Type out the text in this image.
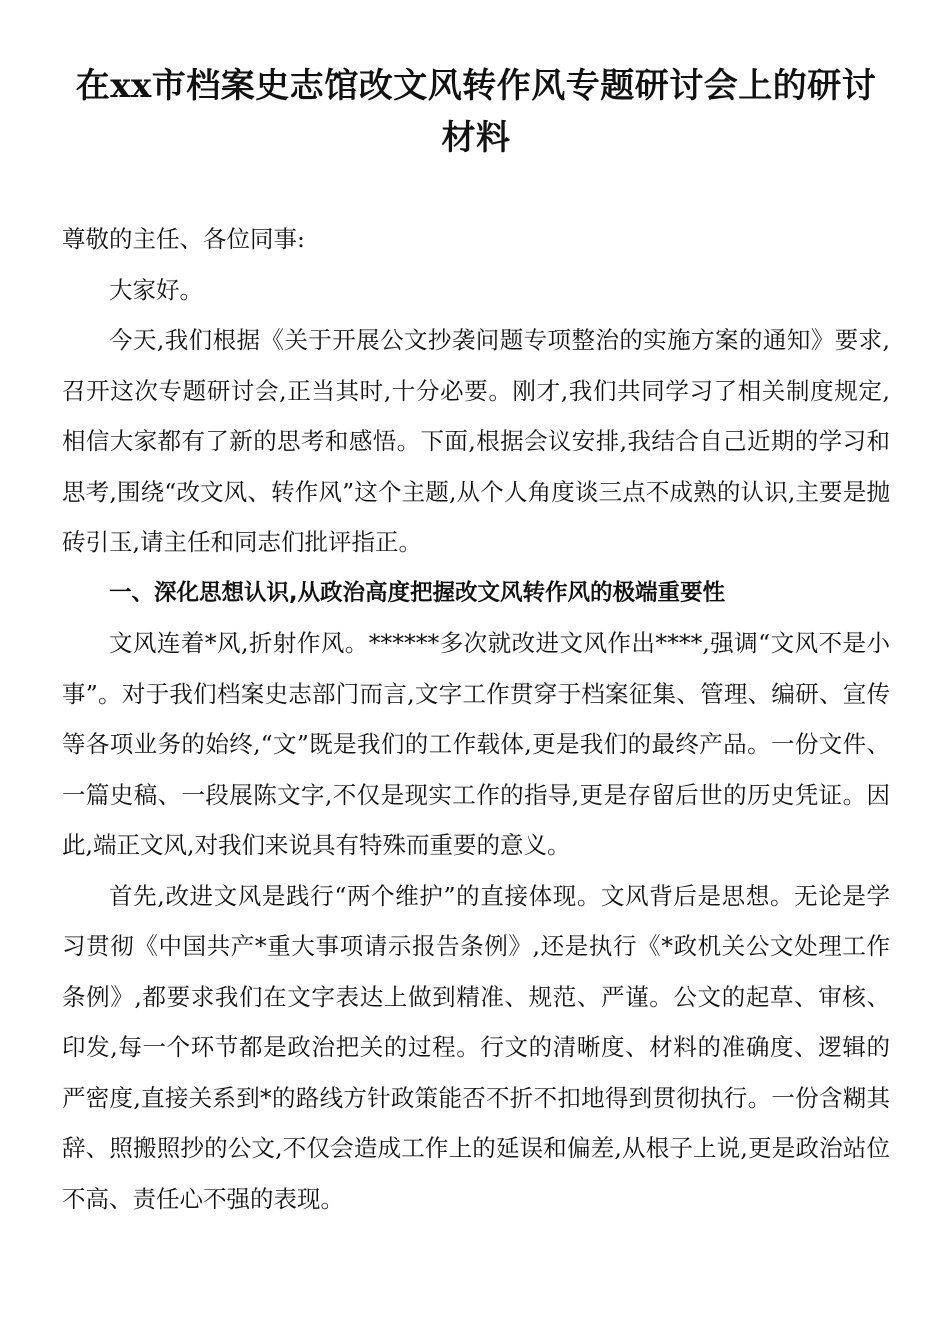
在xx市档案史志馆改文风转作风专题研讨会上的研讨材料

尊敬的主任、各位同事:

大家好。

今天,我们根据《关于开展公文抄袭问题专项整治的实施方案的通知》要求,召开这次专题研讨会,正当其时,十分必要。刚才,我们共同学习了相关制度规定,相信大家都有了新的思考和感悟。下面,根据会议安排,我结合自己近期的学习和思考,围绕“改文风、转作风”这个主题,从个人角度谈三点不成熟的认识,主要是抛砖引玉,请主任和同志们批评指正。

一、深化思想认识,从政治高度把握改文风转作风的极端重要性

文风连着*风,折射作风。******多次就改进文风作出****,强调“文风不是小事”。对于我们档案史志部门而言,文字工作贯穿于档案征集、管理、编研、宣传等各项业务的始终,“文”既是我们的工作载体,更是我们的最终产品。一份文件、一篇史稿、一段展陈文字,不仅是现实工作的指导,更是存留后世的历史凭证。因此,端正文风,对我们来说具有特殊而重要的意义。

首先,改进文风是践行“两个维护”的直接体现。文风背后是思想。无论是学习贯彻《中国共产*重大事项请示报告条例》,还是执行《*政机关公文处理工作条例》,都要求我们在文字表达上做到精准、规范、严谨。公文的起草、审核、印发,每一个环节都是政治把关的过程。行文的清晰度、材料的准确度、逻辑的严密度,直接关系到*的路线方针政策能否不折不扣地得到贯彻执行。一份含糊其辞、照搬照抄的公文,不仅会造成工作上的延误和偏差,从根子上说,更是政治站位不高、责任心不强的表现。
